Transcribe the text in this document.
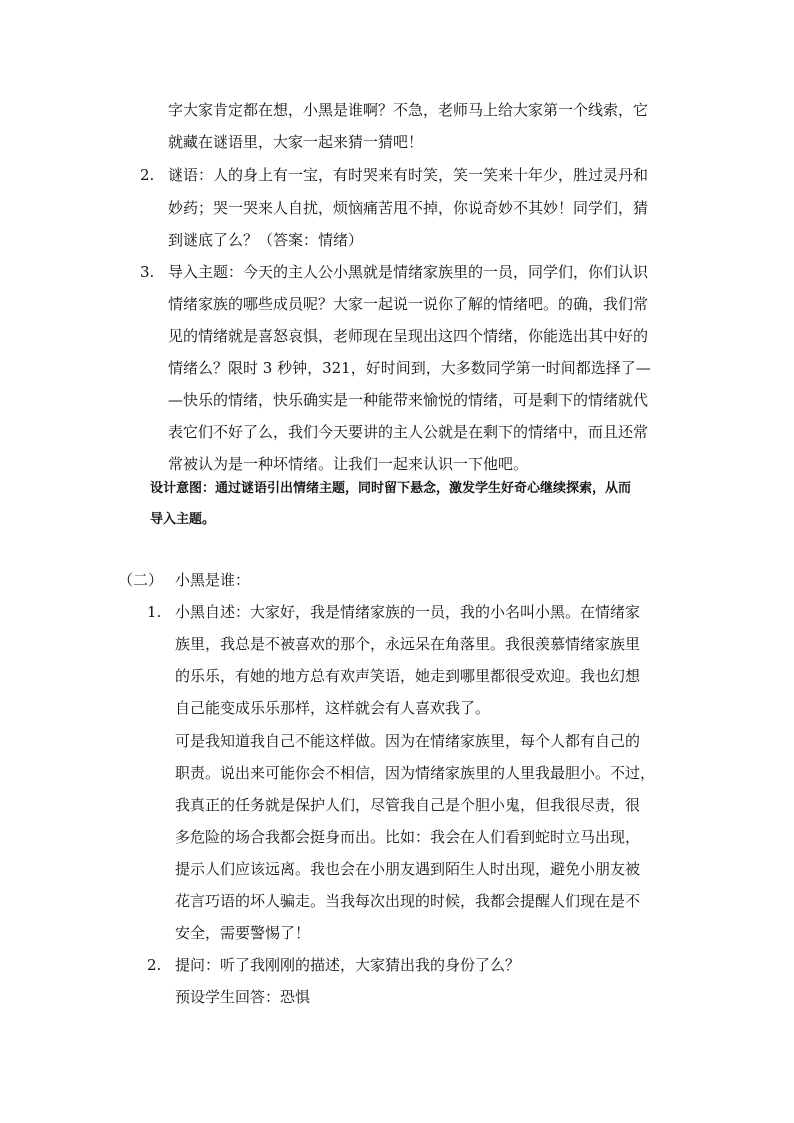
字大家肯定都在想，小黑是谁啊？不急，老师马上给大家第一个线索，它
就藏在谜语里，大家一起来猜一猜吧！
2. 谜语：人的身上有一宝，有时哭来有时笑，笑一笑来十年少，胜过灵丹和
妙药；哭一哭来人自扰，烦恼痛苦甩不掉，你说奇妙不其妙！同学们，猜
到谜底了么？（答案：情绪）
3. 导入主题：今天的主人公小黑就是情绪家族里的一员，同学们，你们认识
情绪家族的哪些成员呢？大家一起说一说你了解的情绪吧。的确，我们常
见的情绪就是喜怒哀惧，老师现在呈现出这四个情绪，你能选出其中好的
情绪么？限时 3 秒钟，321，好时间到，大多数同学第一时间都选择了—
—快乐的情绪，快乐确实是一种能带来愉悦的情绪，可是剩下的情绪就代
表它们不好了么，我们今天要讲的主人公就是在剩下的情绪中，而且还常
常被认为是一种坏情绪。让我们一起来认识一下他吧。
设计意图：通过谜语引出情绪主题，同时留下悬念，激发学生好奇心继续探索，从而
导入主题。
（二） 小黑是谁：
1. 小黑自述：大家好，我是情绪家族的一员，我的小名叫小黑。在情绪家
族里，我总是不被喜欢的那个，永远呆在角落里。我很羡慕情绪家族里
的乐乐，有她的地方总有欢声笑语，她走到哪里都很受欢迎。我也幻想
自己能变成乐乐那样，这样就会有人喜欢我了。
可是我知道我自己不能这样做。因为在情绪家族里，每个人都有自己的
职责。说出来可能你会不相信，因为情绪家族里的人里我最胆小。不过，
我真正的任务就是保护人们，尽管我自己是个胆小鬼，但我很尽责，很
多危险的场合我都会挺身而出。比如：我会在人们看到蛇时立马出现，
提示人们应该远离。我也会在小朋友遇到陌生人时出现，避免小朋友被
花言巧语的坏人骗走。当我每次出现的时候，我都会提醒人们现在是不
安全，需要警惕了！
2. 提问：听了我刚刚的描述，大家猜出我的身份了么？
预设学生回答：恐惧
